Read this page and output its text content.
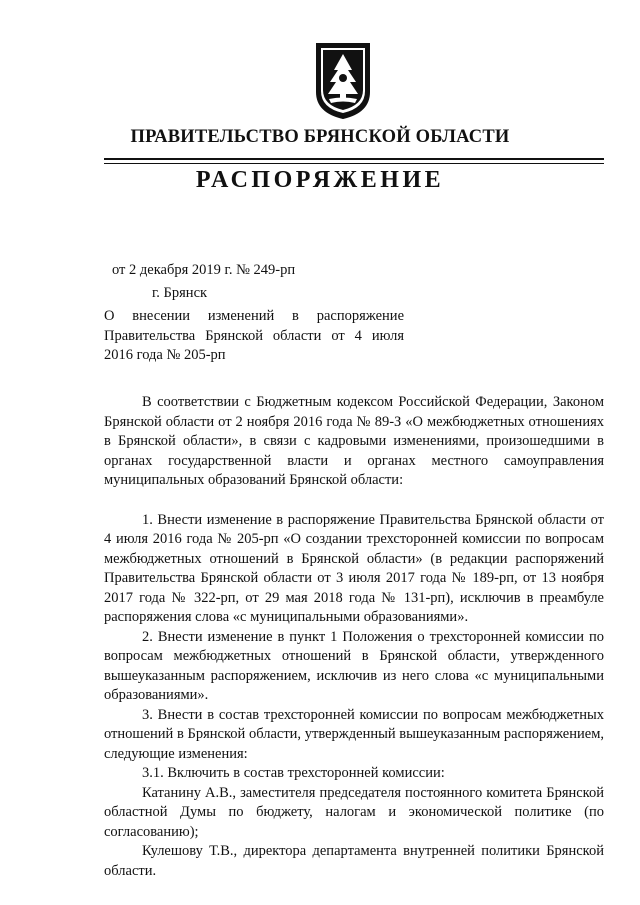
ПРАВИТЕЛЬСТВО БРЯНСКОЙ ОБЛАСТИ
РАСПОРЯЖЕНИЕ
от 2 декабря 2019 г. № 249-рп
г. Брянск
О внесении изменений в распоряжение Правительства Брянской области от 4 июля 2016 года № 205-рп

В соответствии с Бюджетным кодексом Российской Федерации, Законом Брянской области от 2 ноября 2016 года № 89-З «О межбюджетных отношениях в Брянской области», в связи с кадровыми изменениями, произошедшими в органах государственной власти и органах местного самоуправления муниципальных образований Брянской области:

1. Внести изменение в распоряжение Правительства Брянской области от 4 июля 2016 года № 205-рп «О создании трехсторонней комиссии по вопросам межбюджетных отношений в Брянской области» (в редакции распоряжений Правительства Брянской области от 3 июля 2017 года № 189-рп, от 13 ноября 2017 года № 322-рп, от 29 мая 2018 года № 131-рп), исключив в преамбуле распоряжения слова «с муниципальными образованиями».

2. Внести изменение в пункт 1 Положения о трехсторонней комиссии по вопросам межбюджетных отношений в Брянской области, утвержденного вышеуказанным распоряжением, исключив из него слова «с муниципальными образованиями».

3. Внести в состав трехсторонней комиссии по вопросам межбюджетных отношений в Брянской области, утвержденный вышеуказанным распоряжением, следующие изменения:

3.1. Включить в состав трехсторонней комиссии:

Катанину А.В., заместителя председателя постоянного комитета Брянской областной Думы по бюджету, налогам и экономической политике (по согласованию);

Кулешову Т.В., директора департамента внутренней политики Брянской области.
